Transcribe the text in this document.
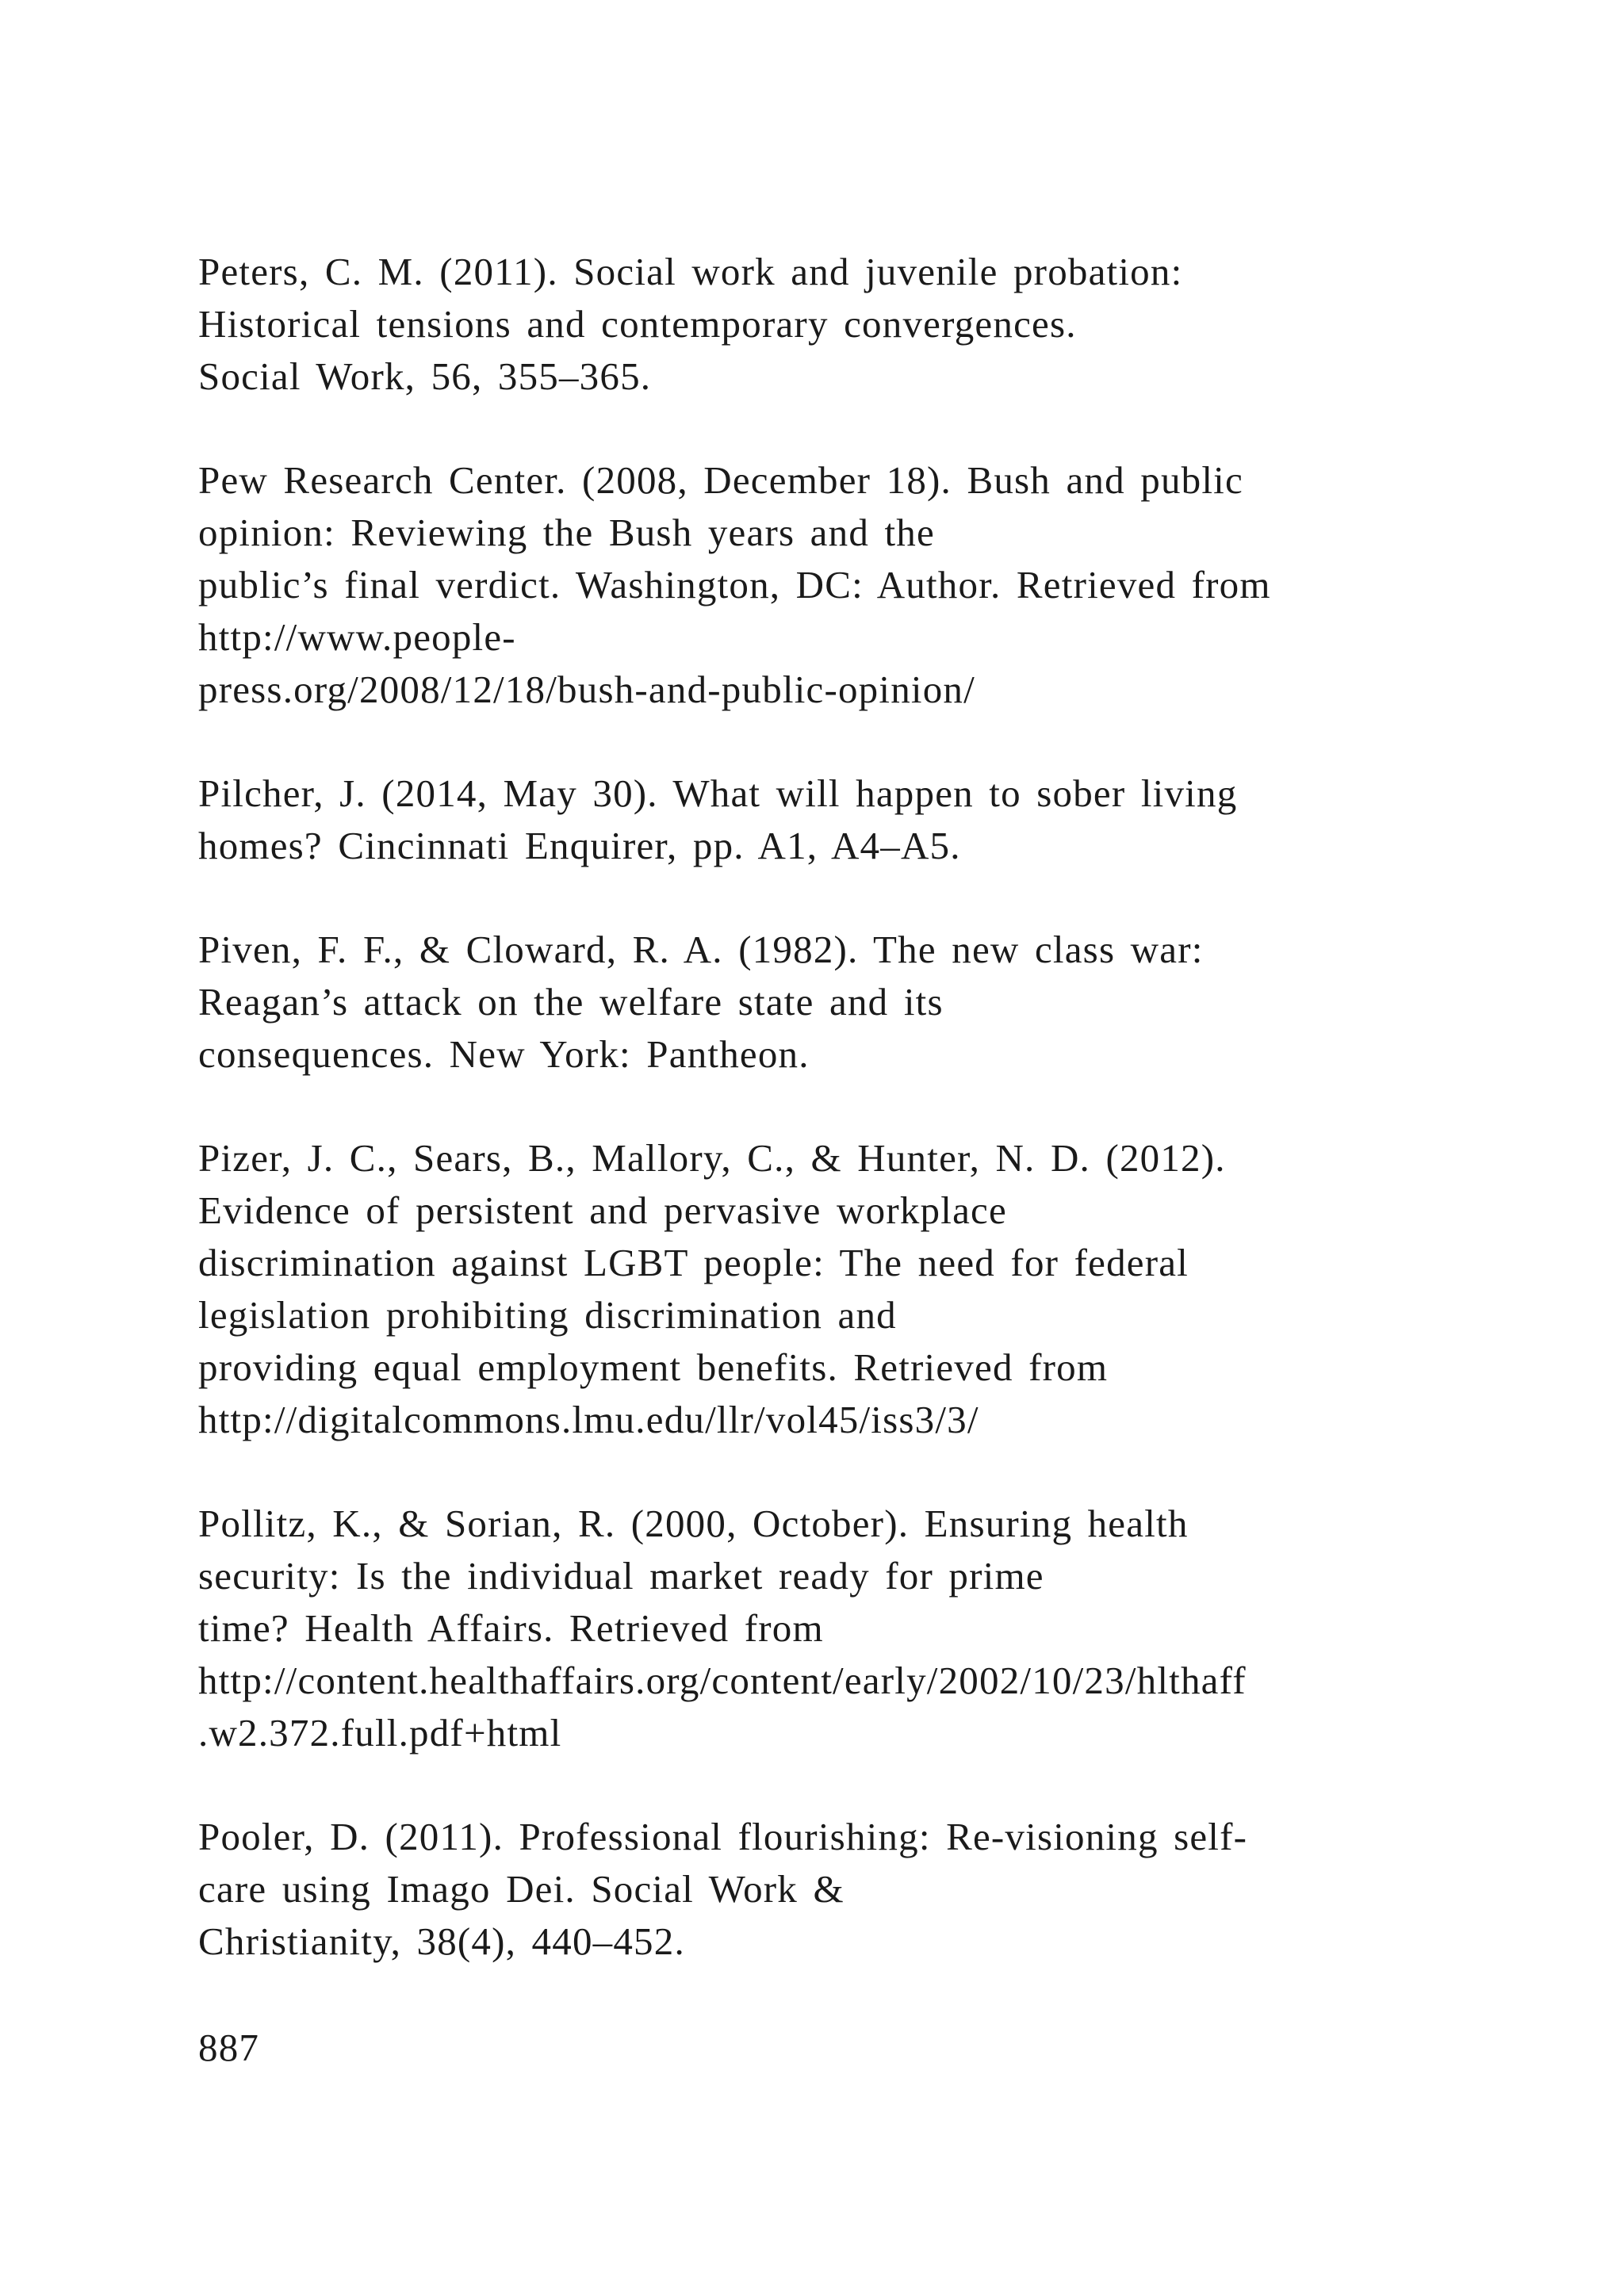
Peters, C. M. (2011). Social work and juvenile probation:
Historical tensions and contemporary convergences.
Social Work, 56, 355–365.
Pew Research Center. (2008, December 18). Bush and public
opinion: Reviewing the Bush years and the
public’s final verdict. Washington, DC: Author. Retrieved from
http://www.people-
press.org/2008/12/18/bush-and-public-opinion/
Pilcher, J. (2014, May 30). What will happen to sober living
homes? Cincinnati Enquirer, pp. A1, A4–A5.
Piven, F. F., & Cloward, R. A. (1982). The new class war:
Reagan’s attack on the welfare state and its
consequences. New York: Pantheon.
Pizer, J. C., Sears, B., Mallory, C., & Hunter, N. D. (2012).
Evidence of persistent and pervasive workplace
discrimination against LGBT people: The need for federal
legislation prohibiting discrimination and
providing equal employment benefits. Retrieved from
http://digitalcommons.lmu.edu/llr/vol45/iss3/3/
Pollitz, K., & Sorian, R. (2000, October). Ensuring health
security: Is the individual market ready for prime
time? Health Affairs. Retrieved from
http://content.healthaffairs.org/content/early/2002/10/23/hlthaff
.w2.372.full.pdf+html
Pooler, D. (2011). Professional flourishing: Re-visioning self-
care using Imago Dei. Social Work &
Christianity, 38(4), 440–452.
887
